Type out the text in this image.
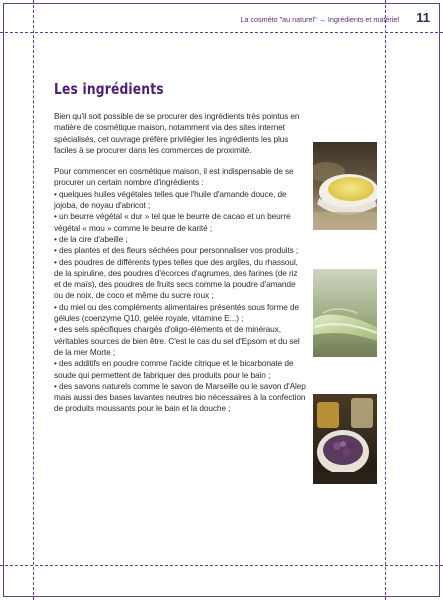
La cosméto "au naturel" → Ingrédients et matériel 11
Les ingrédients

Bien qu'il soit possible de se procurer des ingrédients très pointus en matière de cosmétique maison, notamment via des sites internet spécialisés, cet ouvrage préfère privilégier les ingrédients les plus faciles à se procurer dans les commerces de proximité.

Pour commencer en cosmétique maison, il est indispensable de se procurer un certain nombre d'ingrédients :

• quelques huiles végétales telles que l'huile d'amande douce, de jojoba, de noyau d'abricot ;

• un beurre végétal « dur » tel que le beurre de cacao et un beurre végétal « mou » comme le beurre de karité ;

• de la cire d'abeille ;

• des plantes et des fleurs séchées pour personnaliser vos produits ;

• des poudres de différents types telles que des argiles, du rhassoul, de la spiruline, des poudres d'écorces d'agrumes, des farines (de riz et de maïs), des poudres de fruits secs comme la poudre d'amande ou de noix, de coco et même du sucre roux ;

• du miel ou des compléments alimentaires présentés sous forme de gélules (coenzyme Q10, gelée royale, vitamine E...) ;

• des sels spécifiques chargés d'oligo-éléments et de minéraux, véritables sources de bien être. C'est le cas du sel d'Epsom et du sel de la mer Morte ;

• des additifs en poudre comme l'acide citrique et le bicarbonate de soude qui permettent de fabriquer des produits pour le bain ;

• des savons naturels comme le savon de Marseille ou le savon d'Alep mais aussi des bases lavantes neutres bio nécessaires à la confection de produits moussants pour le bain et la douche ;
